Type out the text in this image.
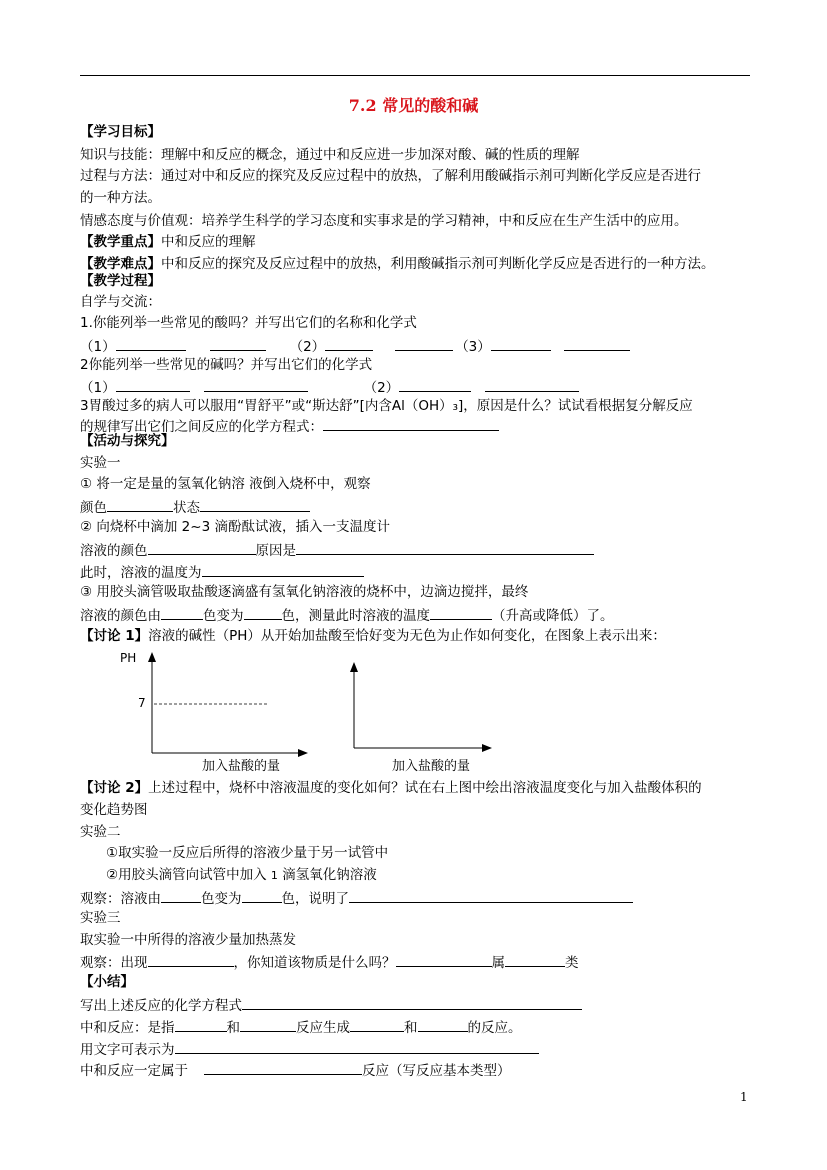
7.2 常见的酸和碱
【学习目标】
知识与技能：理解中和反应的概念，通过中和反应进一步加深对酸、碱的性质的理解
过程与方法：通过对中和反应的探究及反应过程中的放热，了解利用酸碱指示剂可判断化学反应是否进行
的一种方法。
情感态度与价值观：培养学生科学的学习态度和实事求是的学习精神，中和反应在生产生活中的应用。
【教学重点】中和反应的理解
【教学难点】中和反应的探究及反应过程中的放热，利用酸碱指示剂可判断化学反应是否进行的一种方法。
【教学过程】
自学与交流：
1.你能列举一些常见的酸吗？并写出它们的名称和化学式
（1）	（2）	（3）
2你能列举一些常见的碱吗？并写出它们的化学式
（1）	（2）
3胃酸过多的病人可以服用“胃舒平”或“斯达舒”[内含Al（OH）₃]，原因是什么？试试看根据复分解反应
的规律写出它们之间反应的化学方程式：
【活动与探究】
实验一
① 将一定是量的氢氧化钠溶 液倒入烧杯中，观察
颜色	状态
② 向烧杯中滴加 2~3 滴酚酞试液，插入一支温度计
溶液的颜色	原因是
此时，溶液的温度为
③ 用胶头滴管吸取盐酸逐滴盛有氢氧化钠溶液的烧杯中，边滴边搅拌，最终
溶液的颜色由	色变为	色，测量此时溶液的温度	（升高或降低）了。
【讨论 1】溶液的碱性（PH）从开始加盐酸至恰好变为无色为止作如何变化，在图象上表示出来：
PH
7
加入盐酸的量	加入盐酸的量
【讨论 2】上述过程中，烧杯中溶液温度的变化如何？试在右上图中绘出溶液温度变化与加入盐酸体积的
变化趋势图
实验二
①取实验一反应后所得的溶液少量于另一试管中
②用胶头滴管向试管中加入 1 滴氢氧化钠溶液
观察：溶液由	色变为	色，说明了
实验三
取实验一中所得的溶液少量加热蒸发
观察：出现	，你知道该物质是什么吗？	属	类
【小结】
写出上述反应的化学方程式
中和反应：是指	和	反应生成	和	的反应。
用文字可表示为
中和反应一定属于	反应（写反应基本类型）
1
